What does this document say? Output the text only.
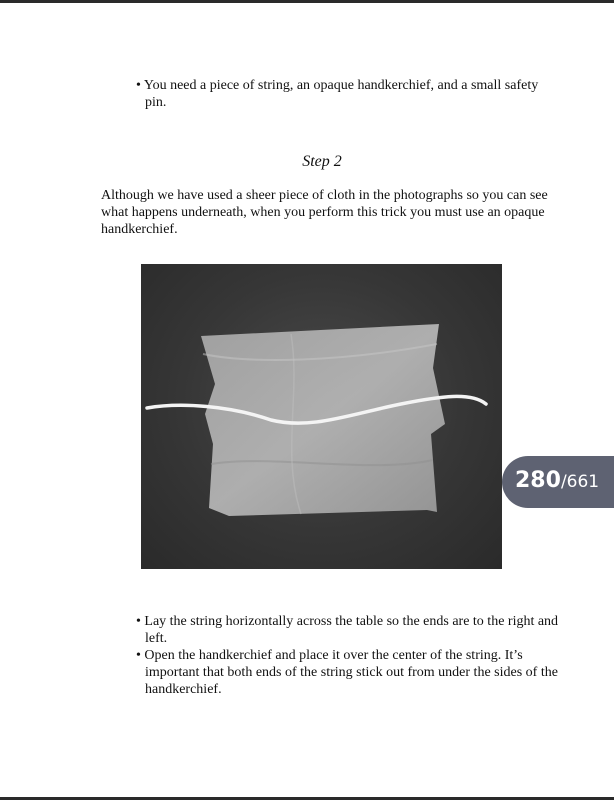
• You need a piece of string, an opaque handkerchief, and a small safety pin.
Step 2
Although we have used a sheer piece of cloth in the photographs so you can see what happens underneath, when you perform this trick you must use an opaque handkerchief.
280 /661
• Lay the string horizontally across the table so the ends are to the right and left.
• Open the handkerchief and place it over the center of the string. It’s important that both ends of the string stick out from under the sides of the handkerchief.
